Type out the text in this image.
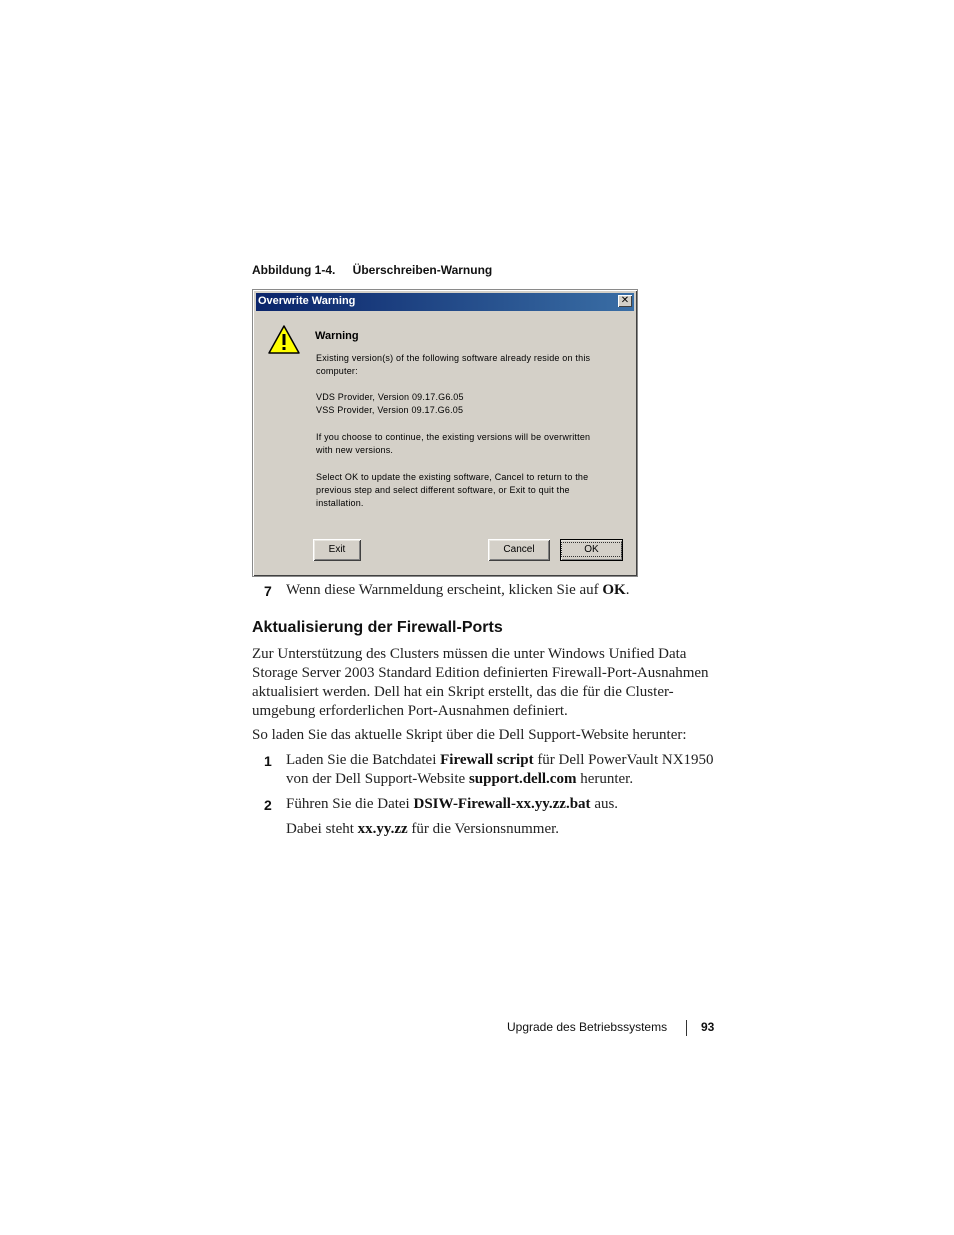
Abbildung 1-4. Überschreiben-Warnung
Overwrite Warning	✕
Warning
Existing version(s) of the following software already reside on this
computer:
VDS Provider, Version 09.17.G6.05
VSS Provider, Version 09.17.G6.05
If you choose to continue, the existing versions will be overwritten
with new versions.
Select OK to update the existing software, Cancel to return to the
previous step and select different software, or Exit to quit the
installation.
Exit	Cancel	OK
7 Wenn diese Warnmeldung erscheint, klicken Sie auf OK.
Aktualisierung der Firewall-Ports
Zur Unterstützung des Clusters müssen die unter Windows Unified Data
Storage Server 2003 Standard Edition definierten Firewall-Port-Ausnahmen
aktualisiert werden. Dell hat ein Skript erstellt, das die für die Cluster-
umgebung erforderlichen Port-Ausnahmen definiert.
So laden Sie das aktuelle Skript über die Dell Support-Website herunter:
1 Laden Sie die Batchdatei Firewall script für Dell PowerVault NX1950
von der Dell Support-Website support.dell.com herunter.
2 Führen Sie die Datei DSIW-Firewall-xx.yy.zz.bat aus.
Dabei steht xx.yy.zz für die Versionsnummer.
Upgrade des Betriebssystems	93
